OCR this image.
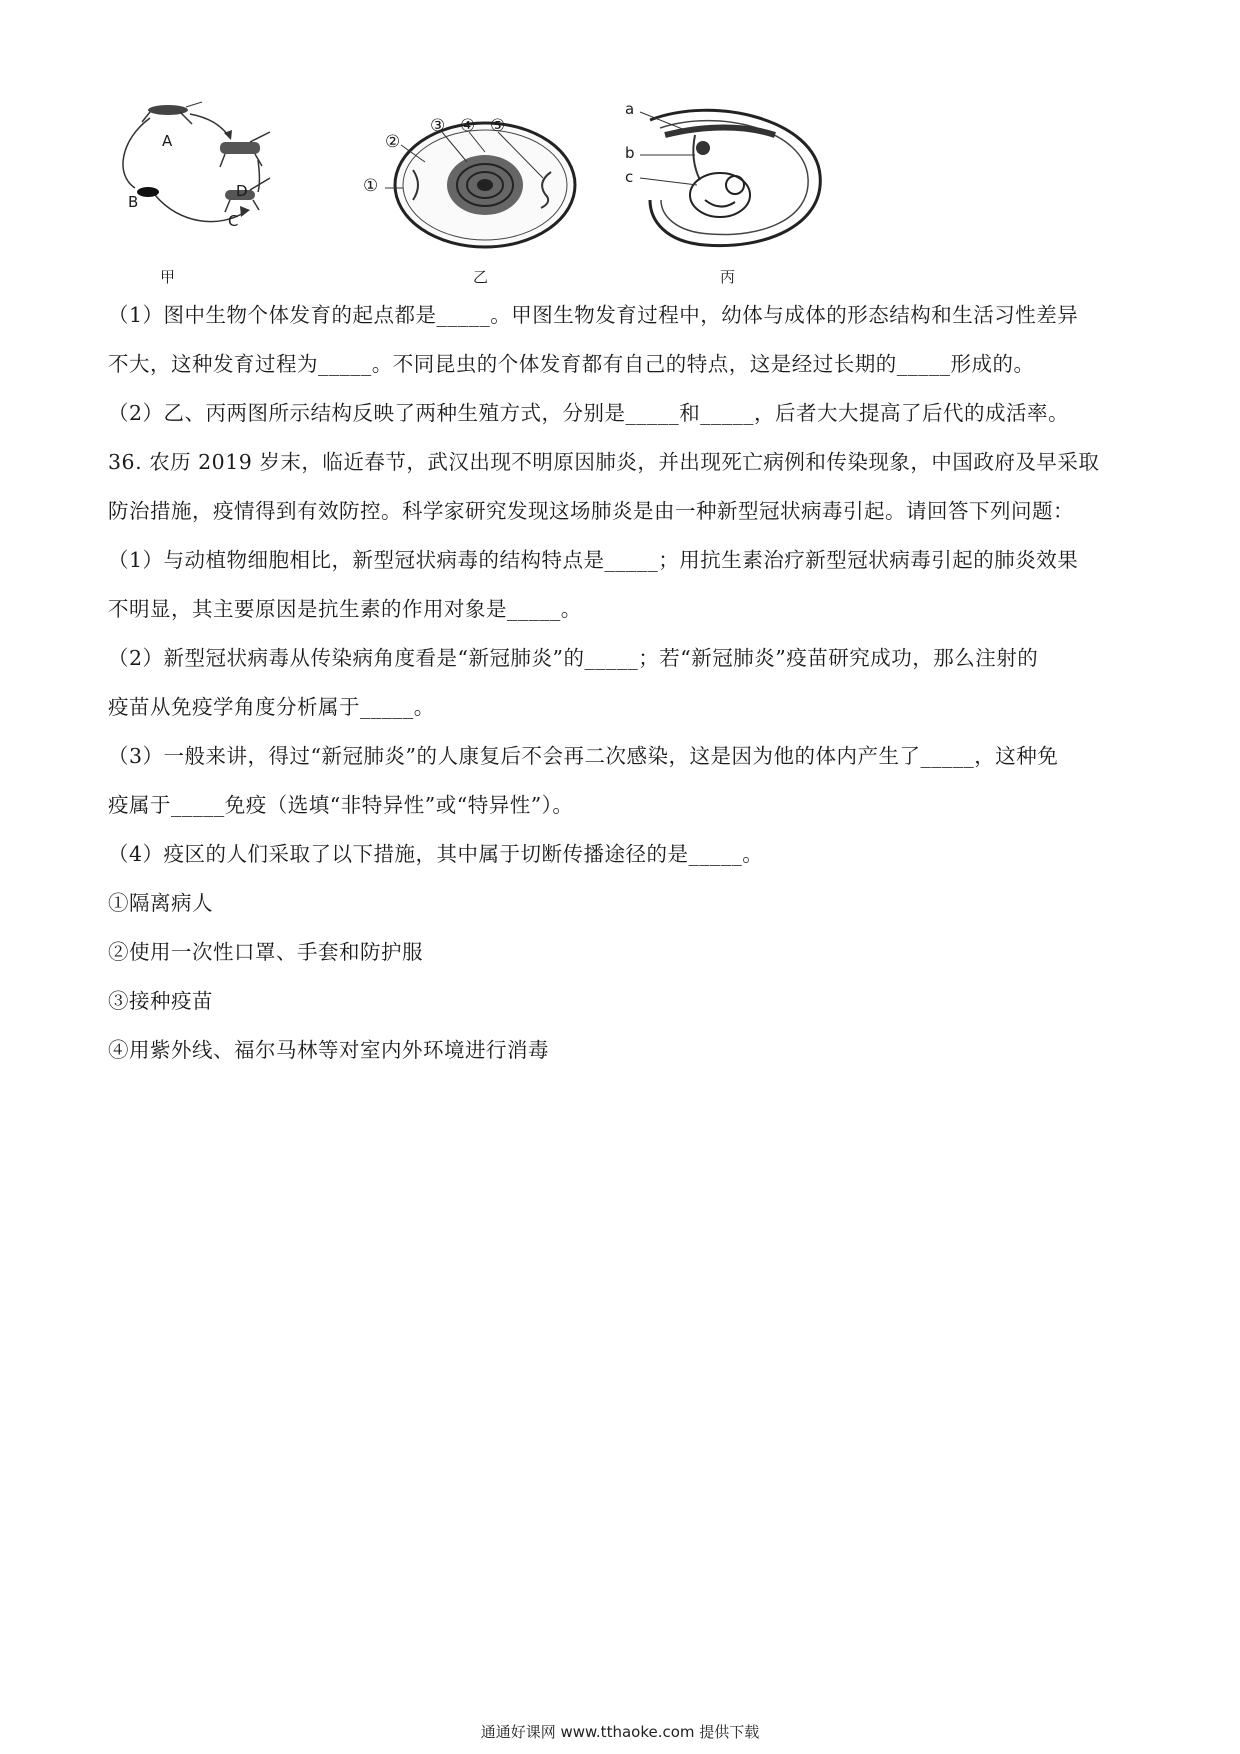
A
B
C
D
甲
①
②
③ ④ ⑤
乙
a
b
c
丙
（1）图中生物个体发育的起点都是_____。甲图生物发育过程中，幼体与成体的形态结构和生活习性差异
不大，这种发育过程为_____。不同昆虫的个体发育都有自己的特点，这是经过长期的_____形成的。
（2）乙、丙两图所示结构反映了两种生殖方式，分别是_____和_____，后者大大提高了后代的成活率。
36. 农历 2019 岁末，临近春节，武汉出现不明原因肺炎，并出现死亡病例和传染现象，中国政府及早采取
防治措施，疫情得到有效防控。科学家研究发现这场肺炎是由一种新型冠状病毒引起。请回答下列问题：
（1）与动植物细胞相比，新型冠状病毒的结构特点是_____；用抗生素治疗新型冠状病毒引起的肺炎效果
不明显，其主要原因是抗生素的作用对象是_____。
（2）新型冠状病毒从传染病角度看是“新冠肺炎”的_____；若“新冠肺炎”疫苗研究成功，那么注射的
疫苗从免疫学角度分析属于_____。
（3）一般来讲，得过“新冠肺炎”的人康复后不会再二次感染，这是因为他的体内产生了_____，这种免
疫属于_____免疫（选填“非特异性”或“特异性”）。
（4）疫区的人们采取了以下措施，其中属于切断传播途径的是_____。
①隔离病人
②使用一次性口罩、手套和防护服
③接种疫苗
④用紫外线、福尔马林等对室内外环境进行消毒
通通好课网 www.tthaoke.com 提供下载
